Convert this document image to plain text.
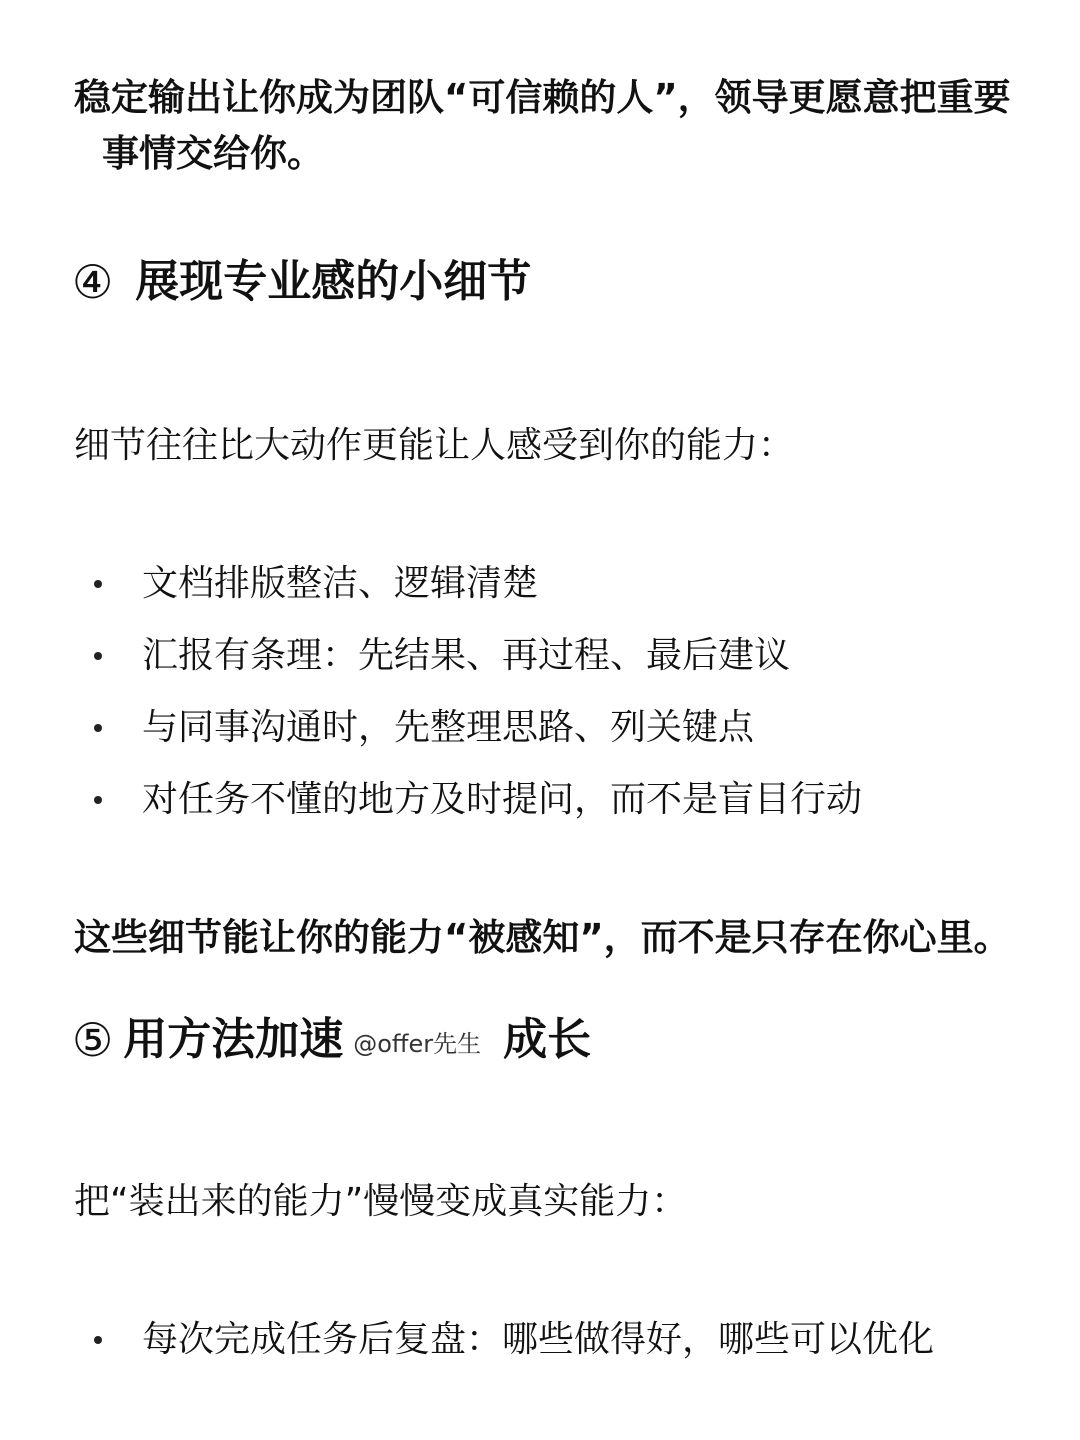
稳定输出让你成为团队“可信赖的人”，领导更愿意把重要
事情交给你。
④ 展现专业感的小细节
细节往往比大动作更能让人感受到你的能力：
文档排版整洁、逻辑清楚
汇报有条理：先结果、再过程、最后建议
与同事沟通时，先整理思路、列关键点
对任务不懂的地方及时提问，而不是盲目行动
这些细节能让你的能力“被感知”，而不是只存在你心里。
⑤ 用方法加速 @offer先生 成长
把“装出来的能力”慢慢变成真实能力：
每次完成任务后复盘：哪些做得好，哪些可以优化
